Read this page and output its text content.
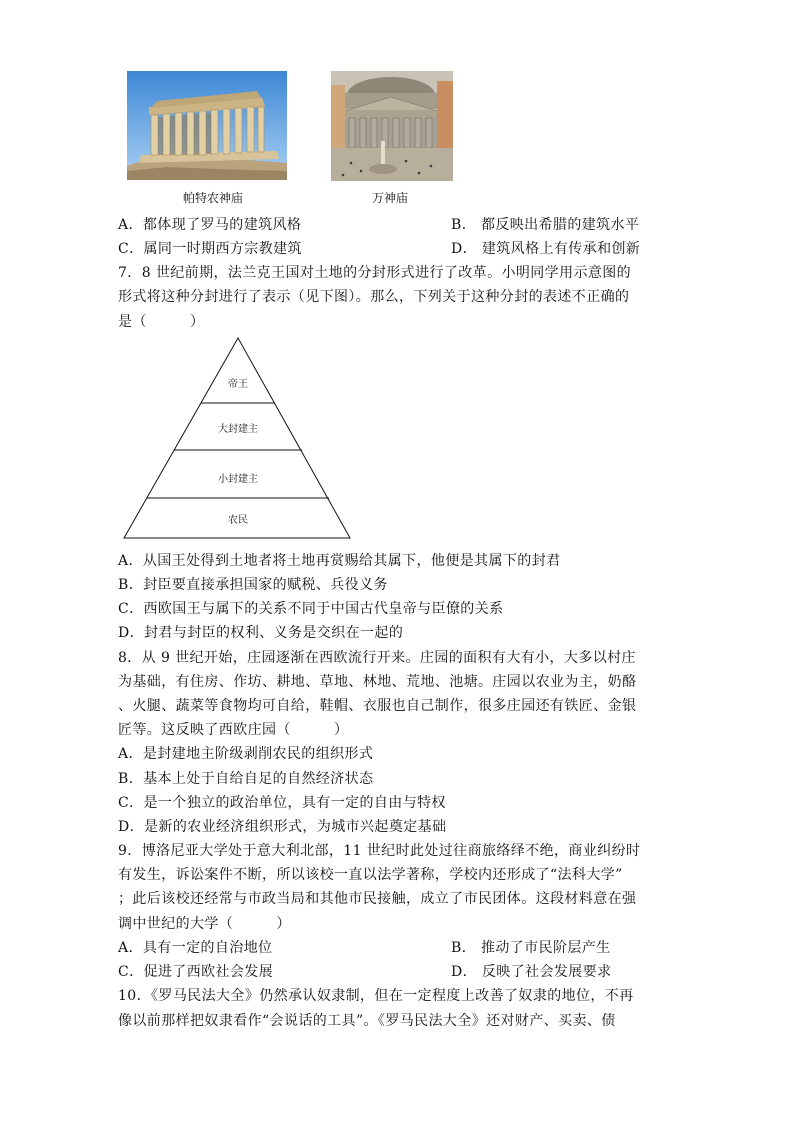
帕特农神庙	万神庙
A．都体现了罗马的建筑风格	B． 都反映出希腊的建筑水平
C．属同一时期西方宗教建筑	D． 建筑风格上有传承和创新
7．8 世纪前期，法兰克王国对土地的分封形式进行了改革。小明同学用示意图的
形式将这种分封进行了表示（见下图）。那么，下列关于这种分封的表述不正确的
是（　　　）
帝王
大封建主
小封建主
农民
A．从国王处得到土地者将土地再赏赐给其属下，他便是其属下的封君
B．封臣要直接承担国家的赋税、兵役义务
C．西欧国王与属下的关系不同于中国古代皇帝与臣僚的关系
D．封君与封臣的权利、义务是交织在一起的
8．从 9 世纪开始，庄园逐渐在西欧流行开来。庄园的面积有大有小，大多以村庄
为基础，有住房、作坊、耕地、草地、林地、荒地、池塘。庄园以农业为主，奶酪
、火腿、蔬菜等食物均可自给，鞋帽、衣服也自己制作，很多庄园还有铁匠、金银
匠等。这反映了西欧庄园（　　　）
A．是封建地主阶级剥削农民的组织形式
B．基本上处于自给自足的自然经济状态
C．是一个独立的政治单位，具有一定的自由与特权
D．是新的农业经济组织形式，为城市兴起奠定基础
9．博洛尼亚大学处于意大利北部，11 世纪时此处过往商旅络绎不绝，商业纠纷时
有发生，诉讼案件不断，所以该校一直以法学著称，学校内还形成了“法科大学”
；此后该校还经常与市政当局和其他市民接触，成立了市民团体。这段材料意在强
调中世纪的大学（　　　）
A．具有一定的自治地位	B． 推动了市民阶层产生
C．促进了西欧社会发展	D． 反映了社会发展要求
10．《罗马民法大全》仍然承认奴隶制，但在一定程度上改善了奴隶的地位，不再
像以前那样把奴隶看作“会说话的工具”。《罗马民法大全》还对财产、买卖、债
